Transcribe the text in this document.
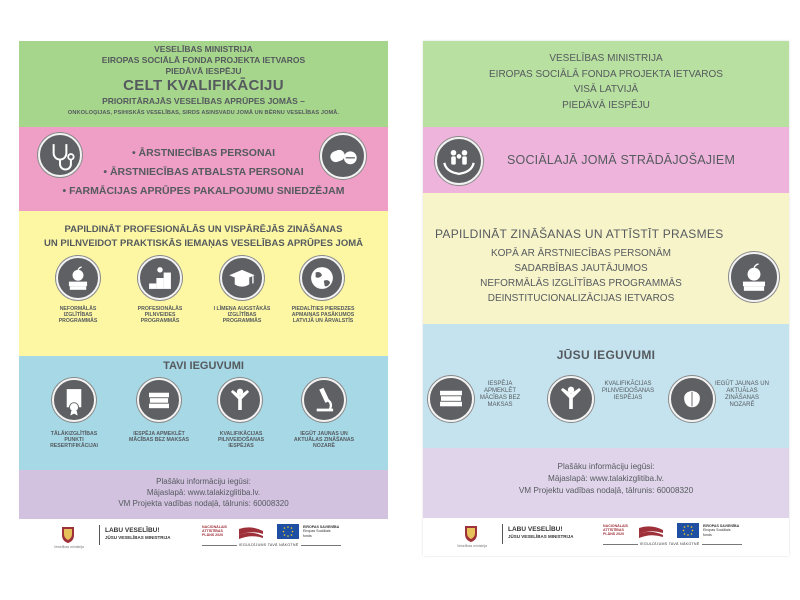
VESELĪBAS MINISTRIJA
EIROPAS SOCIĀLĀ FONDA PROJEKTA IETVAROS
PIEDĀVĀ IESPĒJU
CELT KVALIFIKĀCIJU
PRIORITĀRAJĀS VESELĪBAS APRŪPES JOMĀS –
ONKOLOĢIJAS, PSIHISKĀS VESELĪBAS, SIRDS ASINSVADU JOMĀ UN BĒRNU VESELĪBAS JOMĀ.
• ĀRSTNIECĪBAS PERSONAI
• ĀRSTNIECĪBAS ATBALSTA PERSONAI
• FARMĀCIJAS APRŪPES PAKALPOJUMU SNIEDZĒJAM
PAPILDINĀT PROFESIONĀLĀS UN VISPĀRĒJĀS ZINĀŠANAS
UN PILNVEIDOT PRAKTISKĀS IEMAŅAS VESELĪBAS APRŪPES JOMĀ
NEFORMĀLĀS IZGLĪTĪBAS PROGRAMMĀS
PROFESIONĀLĀS PILNVEIDES PROGRAMMĀS
I LĪMEŅA AUGSTĀKĀS IZGLĪTĪBAS PROGRAMMĀS
PIEDALĪTIES PIEREDZES APMAIŅAS PASĀKUMOS LATVIJĀ UN ĀRVALSTĪS
TAVI IEGUVUMI
TĀLĀKIZGLĪTĪBAS PUNKTI RESERTIFIKĀCIJAI
IESPĒJA APMEKLĒT MĀCĪBAS BEZ MAKSAS
KVALIFIKĀCIJAS PILNVEIDOŠANAS IESPĒJAS
IEGŪT JAUNAS UN AKTUĀLAS ZINĀŠANAS NOZARĒ
Plašāku informāciju iegūsi:
Mājaslapā: www.talakizglitiba.lv.
VM Projekta vadības nodaļā, tālrunis: 60008320
Veselības ministrija
LABU VESELĪBU!
JŪSU VESELĪBAS MINISTRIJA
NACIONĀLAIS
ATTĪSTĪBAS
PLĀNS 2020
EIROPAS SAVIENĪBA
Eiropas Sociālais
fonds
IEGULDĪJUMS TAVĀ NĀKOTNĒ
VESELĪBAS MINISTRIJA
EIROPAS SOCIĀLĀ FONDA PROJEKTA IETVAROS
VISĀ LATVIJĀ
PIEDĀVĀ IESPĒJU
SOCIĀLAJĀ JOMĀ STRĀDĀJOŠAJIEM
PAPILDINĀT ZINĀŠANAS UN ATTĪSTĪT PRASMES
KOPĀ AR ĀRSTNIECĪBAS PERSONĀM
SADARBĪBAS JAUTĀJUMOS
NEFORMĀLĀS IZGLĪTĪBAS PROGRAMMĀS
DEINSTITUCIONALIZĀCIJAS IETVAROS
JŪSU IEGUVUMI
IESPĒJA APMEKLĒT MĀCĪBAS BEZ MAKSAS
KVALIFIKĀCIJAS PILNVEIDOŠANAS IESPĒJAS
IEGŪT JAUNAS UN AKTUĀLAS ZINĀŠANAS NOZARĒ
Plašāku informāciju iegūsi:
Mājaslapā: www.talakizglitiba.lv.
VM Projektu vadības nodaļā, tālrunis: 60008320
Veselības ministrija
LABU VESELĪBU!
JŪSU VESELĪBAS MINISTRIJA
NACIONĀLAIS
ATTĪSTĪBAS
PLĀNS 2020
EIROPAS SAVIENĪBA
Eiropas Sociālais
fonds
IEGULDĪJUMS TAVĀ NĀKOTNĒ
